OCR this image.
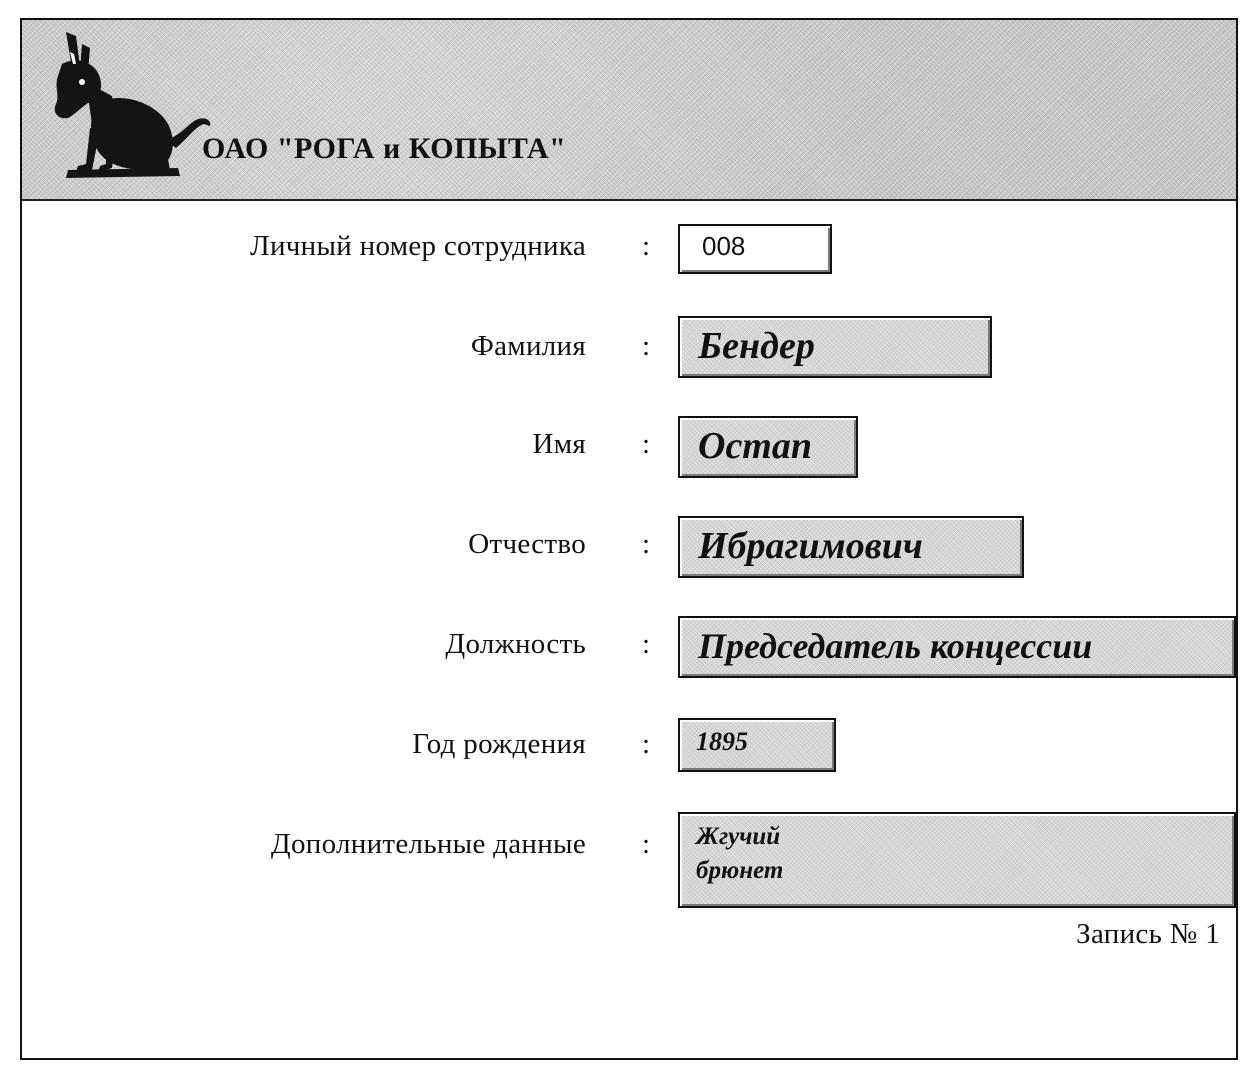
ОАО "РОГА и КОПЫТА"
Личный номер сотрудника :	008
Фамилия :	Бендер
Имя :	Остап
Отчество :	Ибрагимович
Должность :	Председатель концессии
Год рождения :	1895
Дополнительные данные :	Жгучий
брюнет
Запись № 1
